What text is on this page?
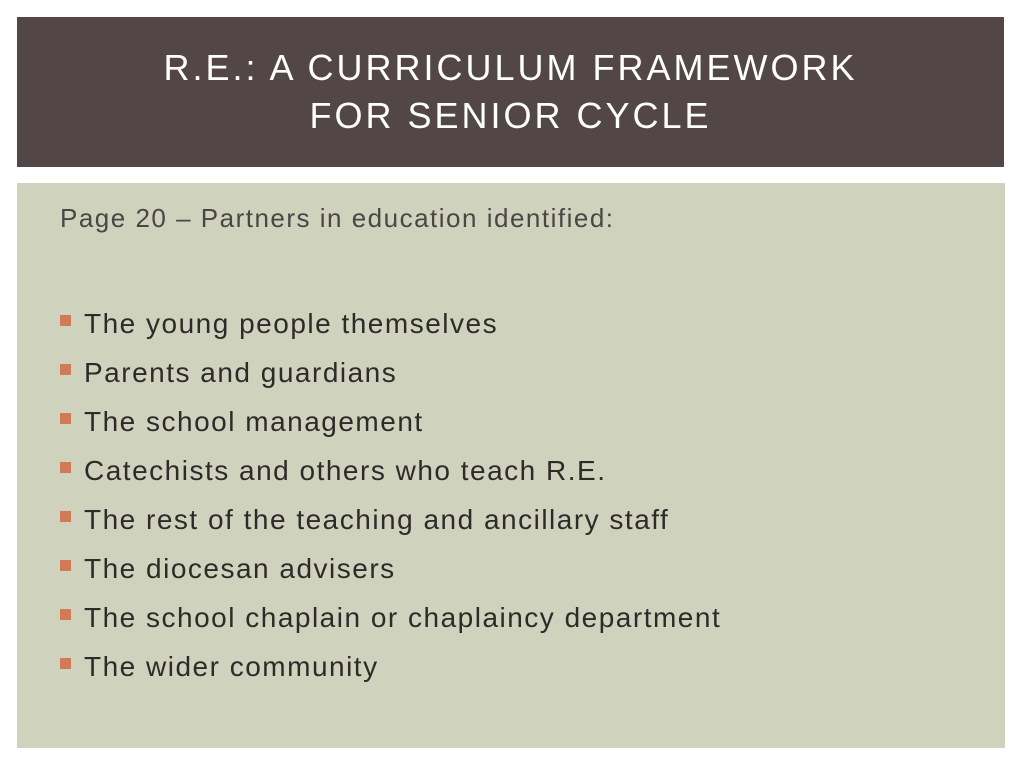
R.E.: A CURRICULUM FRAMEWORK
FOR SENIOR CYCLE

Page 20 – Partners in education identified:

The young people themselves
Parents and guardians
The school management
Catechists and others who teach R.E.
The rest of the teaching and ancillary staff
The diocesan advisers
The school chaplain or chaplaincy department
The wider community
